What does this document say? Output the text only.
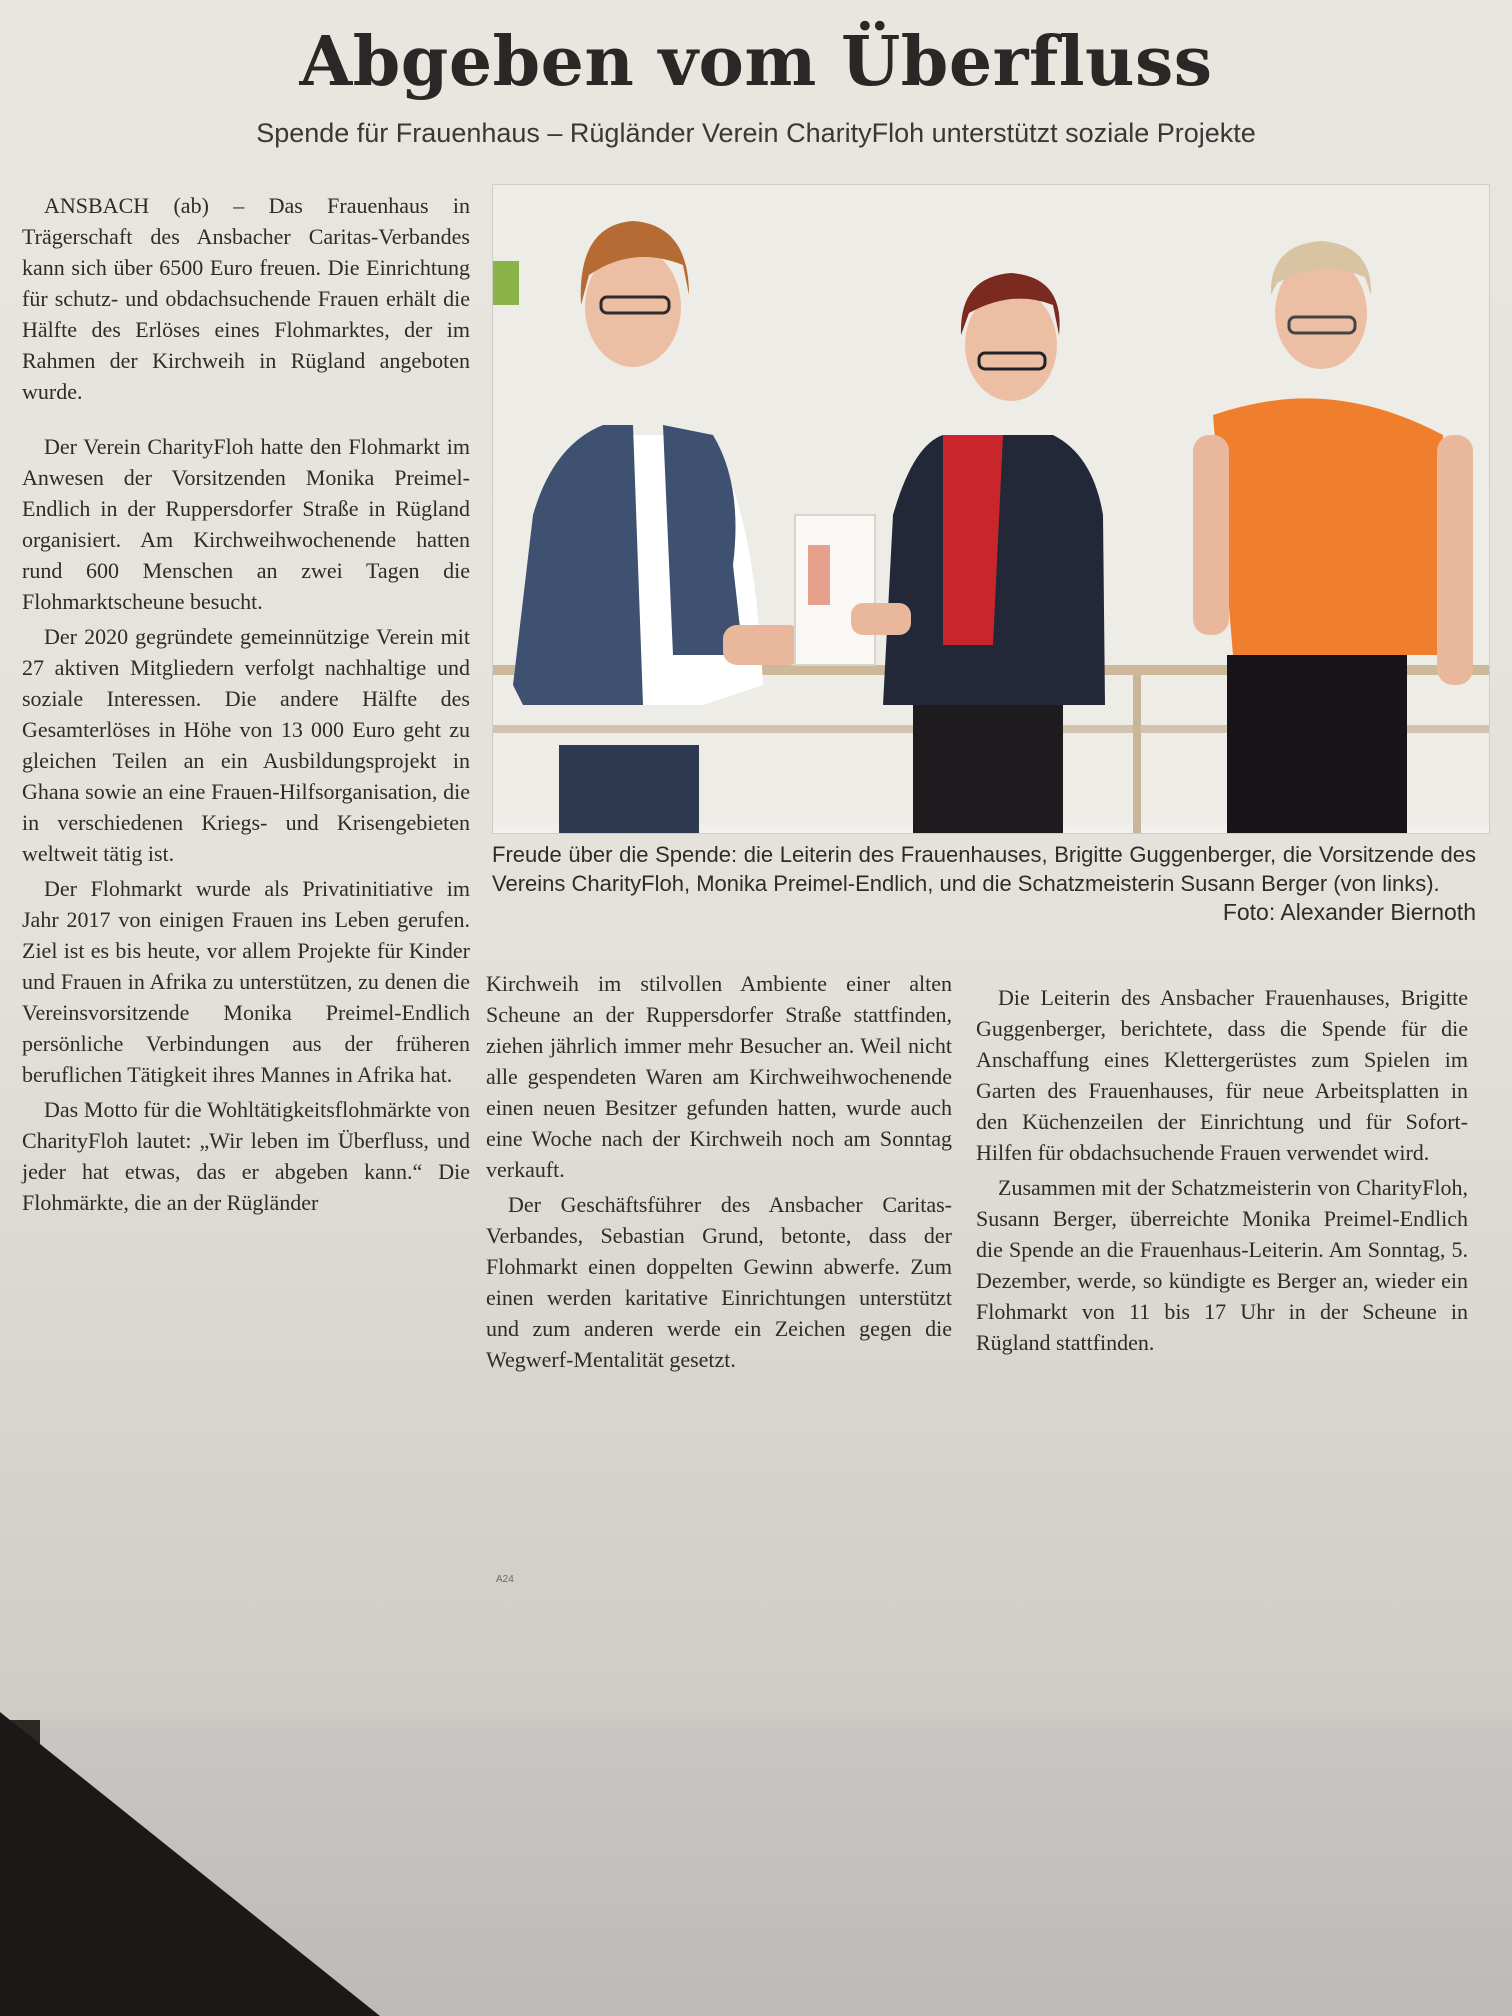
Abgeben vom Überfluss

Spende für Frauenhaus – Rügländer Verein CharityFloh unterstützt soziale Projekte

ANSBACH (ab) – Das Frauenhaus in Trägerschaft des Ansbacher Caritas-Verbandes kann sich über 6500 Euro freuen. Die Einrichtung für schutz- und obdachsuchende Frauen erhält die Hälfte des Erlöses eines Flohmarktes, der im Rahmen der Kirchweih in Rügland angeboten wurde.

Der Verein CharityFloh hatte den Flohmarkt im Anwesen der Vorsitzenden Monika Preimel-Endlich in der Ruppersdorfer Straße in Rügland organisiert. Am Kirchweihwochenende hatten rund 600 Menschen an zwei Tagen die Flohmarktscheune besucht.

Der 2020 gegründete gemeinnützige Verein mit 27 aktiven Mitgliedern verfolgt nachhaltige und soziale Interessen. Die andere Hälfte des Gesamterlöses in Höhe von 13 000 Euro geht zu gleichen Teilen an ein Ausbildungsprojekt in Ghana sowie an eine Frauen-Hilfsorganisation, die in verschiedenen Kriegs- und Krisengebieten weltweit tätig ist.

Der Flohmarkt wurde als Privatinitiative im Jahr 2017 von einigen Frauen ins Leben gerufen. Ziel ist es bis heute, vor allem Projekte für Kinder und Frauen in Afrika zu unterstützen, zu denen die Vereinsvorsitzende Monika Preimel-Endlich persönliche Verbindungen aus der früheren beruflichen Tätigkeit ihres Mannes in Afrika hat.

Das Motto für die Wohltätigkeitsflohmärkte von CharityFloh lautet: „Wir leben im Überfluss, und jeder hat etwas, das er abgeben kann.“ Die Flohmärkte, die an der Rügländer

Freude über die Spende: die Leiterin des Frauenhauses, Brigitte Guggenberger, die Vorsitzende des Vereins CharityFloh, Monika Preimel-Endlich, und die Schatzmeisterin Susann Berger (von links).
Foto: Alexander Biernoth

Kirchweih im stilvollen Ambiente einer alten Scheune an der Ruppersdorfer Straße stattfinden, ziehen jährlich immer mehr Besucher an. Weil nicht alle gespendeten Waren am Kirchweihwochenende einen neuen Besitzer gefunden hatten, wurde auch eine Woche nach der Kirchweih noch am Sonntag verkauft.

Der Geschäftsführer des Ansbacher Caritas-Verbandes, Sebastian Grund, betonte, dass der Flohmarkt einen doppelten Gewinn abwerfe. Zum einen werden karitative Einrichtungen unterstützt und zum anderen werde ein Zeichen gegen die Wegwerf-Mentalität gesetzt.

Die Leiterin des Ansbacher Frauenhauses, Brigitte Guggenberger, berichtete, dass die Spende für die Anschaffung eines Klettergerüstes zum Spielen im Garten des Frauenhauses, für neue Arbeitsplatten in den Küchenzeilen der Einrichtung und für Sofort-Hilfen für obdachsuchende Frauen verwendet wird.

Zusammen mit der Schatzmeisterin von CharityFloh, Susann Berger, überreichte Monika Preimel-Endlich die Spende an die Frauenhaus-Leiterin. Am Sonntag, 5. Dezember, werde, so kündigte es Berger an, wieder ein Flohmarkt von 11 bis 17 Uhr in der Scheune in Rügland stattfinden.

A24
